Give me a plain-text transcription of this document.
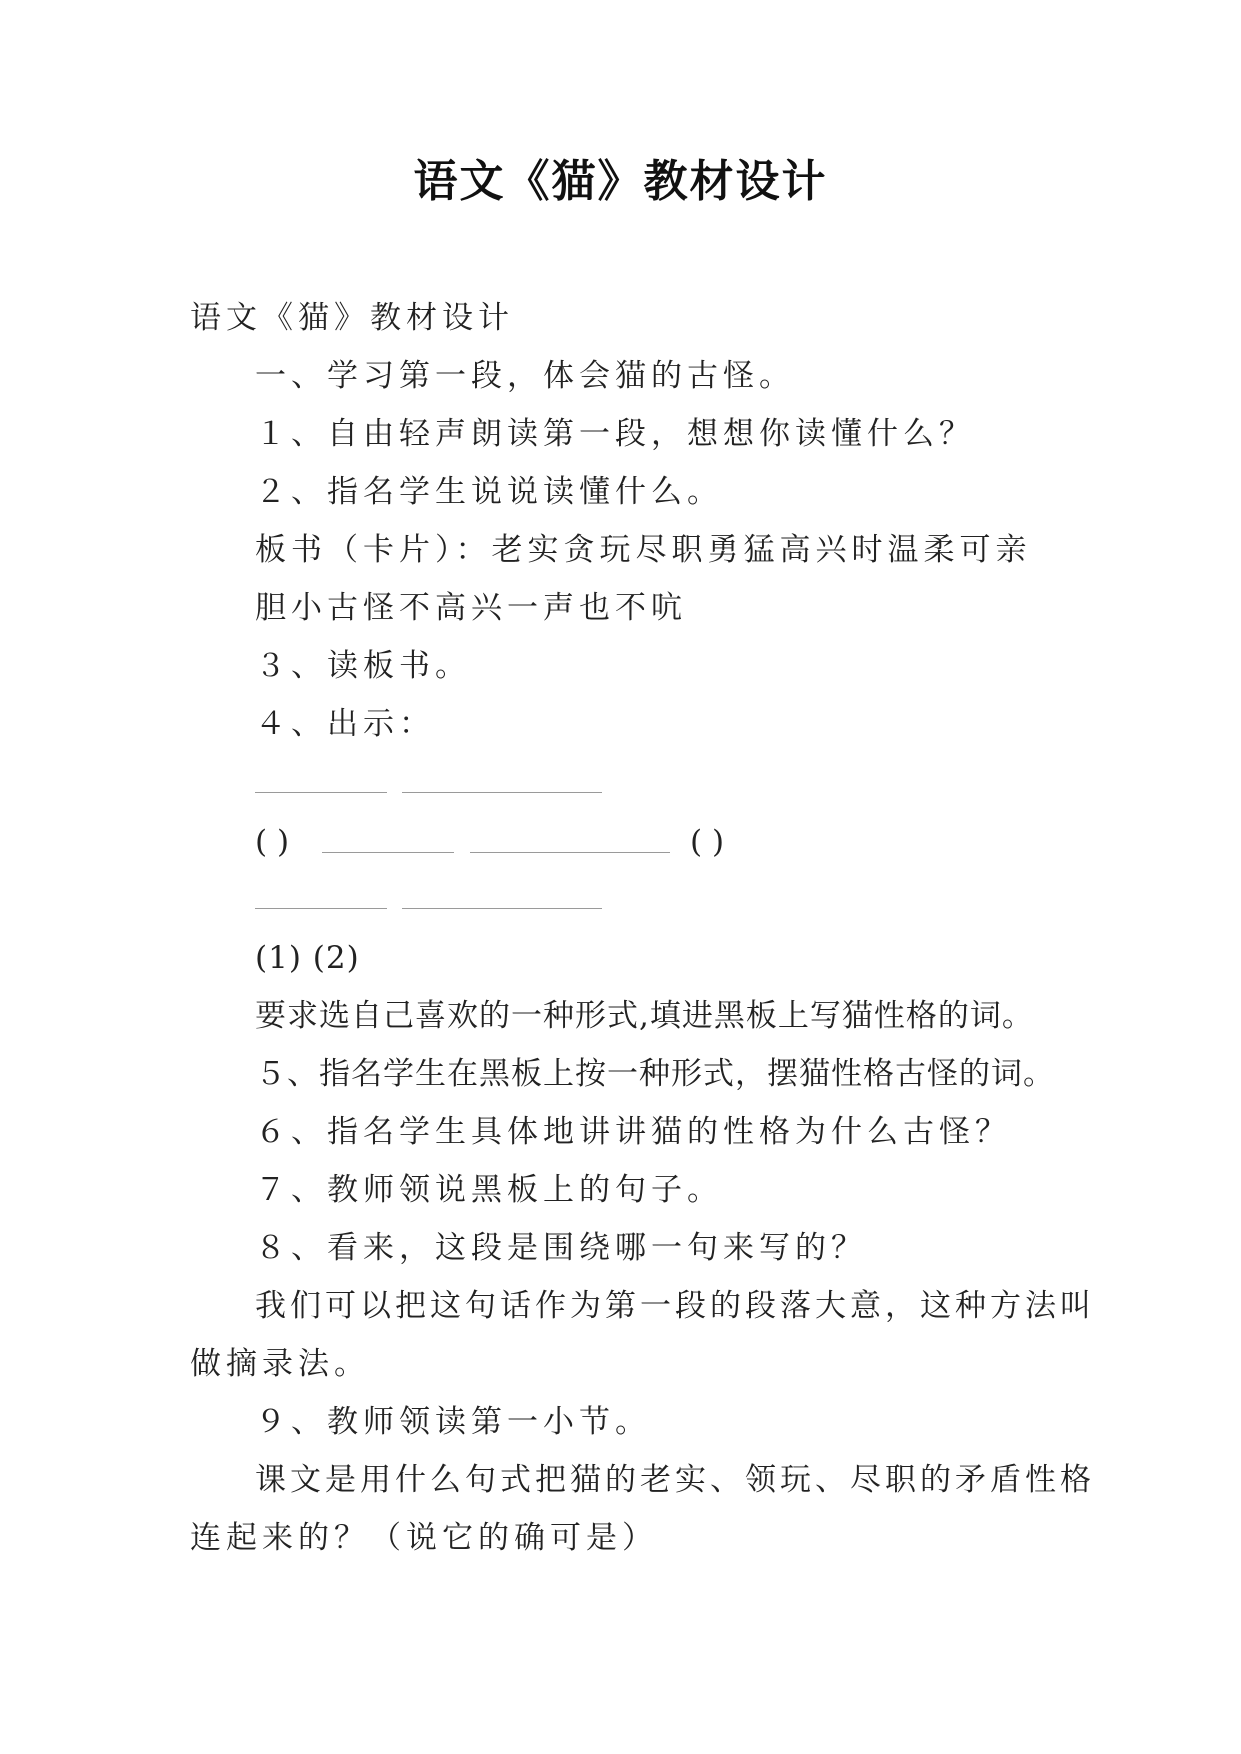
语文《猫》教材设计
语文《猫》教材设计
一、学习第一段，体会猫的古怪。
１、自由轻声朗读第一段，想想你读懂什么？
２、指名学生说说读懂什么。
板书（卡片）：老实贪玩尽职勇猛高兴时温柔可亲
胆小古怪不高兴一声也不吭
３、读板书。
４、出示：
( )	( )
(1) (2)
要求选自己喜欢的一种形式,填进黑板上写猫性格的词。
５、指名学生在黑板上按一种形式，摆猫性格古怪的词。
６、指名学生具体地讲讲猫的性格为什么古怪？
７、教师领说黑板上的句子。
８、看来，这段是围绕哪一句来写的？
我们可以把这句话作为第一段的段落大意，这种方法叫
做摘录法。
９、教师领读第一小节。
课文是用什么句式把猫的老实、领玩、尽职的矛盾性格
连起来的？（说它的确可是）
